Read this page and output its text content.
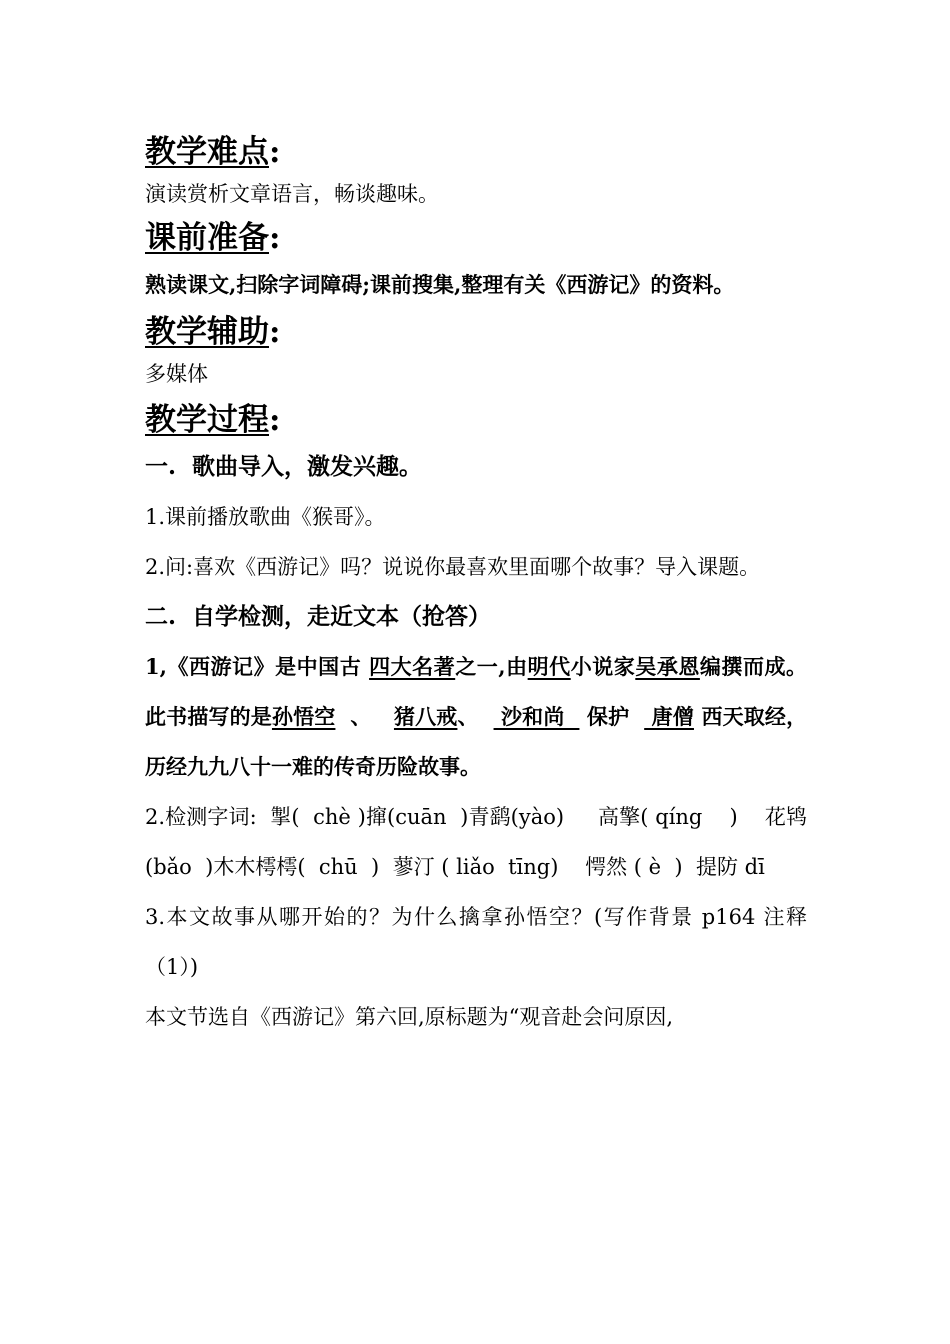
教学难点:

演读赏析文章语言，畅谈趣味。

课前准备:

熟读课文,扫除字词障碍;课前搜集,整理有关《西游记》的资料。

教学辅助:

多媒体

教学过程:

一.  歌曲导入，激发兴趣。

1.课前播放歌曲《猴哥》。

2.问:喜欢《西游记》吗？说说你最喜欢里面哪个故事？导入课题。

二.  自学检测，走近文本（抢答）

1,《西游记》是中国古 四大名著之一,由明代小说家吴承恩编撰而成。此书描写的是孙悟空  、   猪八戒、   沙和尚   保护   唐僧 西天取经，历经九九八十一难的传奇历险故事。

2.检测字词:  掣(  chè )撺(cuān  )青鹞(yào)     高擎( qíng    )    花鸨(bǎo  )木木樗樗(  chū  )  蓼汀 ( liǎo  tīng)    愕然 ( è  )  提防 dī

3.本文故事从哪开始的？为什么擒拿孙悟空？(写作背景 p164 注释（1）)

本文节选自《西游记》第六回,原标题为“观音赴会问原因,
